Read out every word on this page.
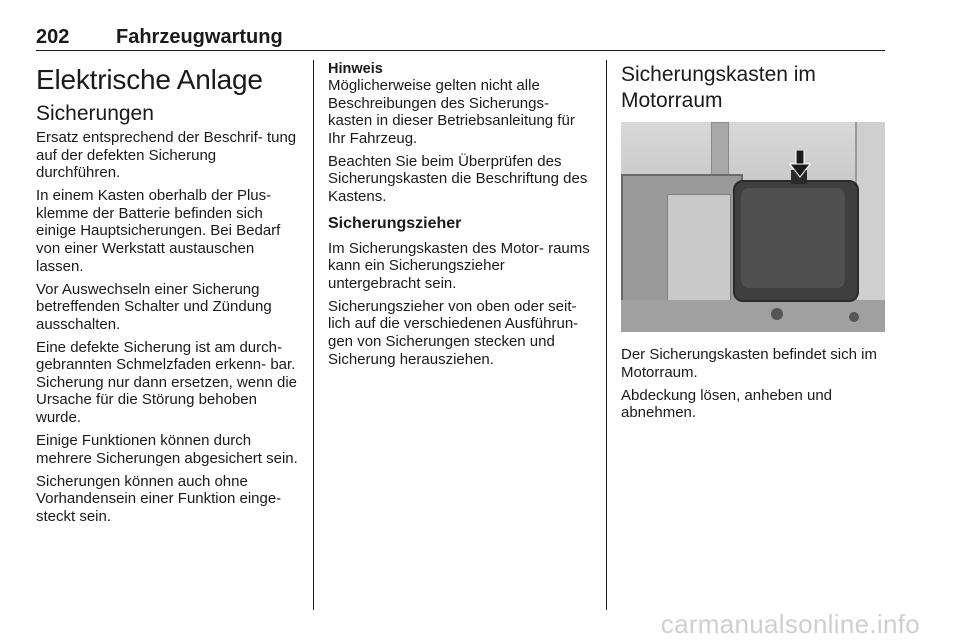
202 Fahrzeugwartung
Elektrische Anlage
Sicherungen

Ersatz entsprechend der Beschrif- tung auf der defekten Sicherung durchführen.

In einem Kasten oberhalb der Plus- klemme der Batterie befinden sich einige Hauptsicherungen. Bei Bedarf von einer Werkstatt austauschen lassen.

Vor Auswechseln einer Sicherung betreffenden Schalter und Zündung ausschalten.

Eine defekte Sicherung ist am durch- gebrannten Schmelzfaden erkenn- bar. Sicherung nur dann ersetzen, wenn die Ursache für die Störung behoben wurde.

Einige Funktionen können durch mehrere Sicherungen abgesichert sein.

Sicherungen können auch ohne Vorhandensein einer Funktion einge- steckt sein.

Hinweis

Möglicherweise gelten nicht alle Beschreibungen des Sicherungs- kasten in dieser Betriebsanleitung für Ihr Fahrzeug.

Beachten Sie beim Überprüfen des Sicherungskasten die Beschriftung des Kastens.

Sicherungszieher

Im Sicherungskasten des Motor- raums kann ein Sicherungszieher untergebracht sein.

Sicherungszieher von oben oder seit- lich auf die verschiedenen Ausführun- gen von Sicherungen stecken und Sicherung herausziehen.

Sicherungskasten im Motorraum

Der Sicherungskasten befindet sich im Motorraum.

Abdeckung lösen, anheben und abnehmen.

carmanualsonline.info
